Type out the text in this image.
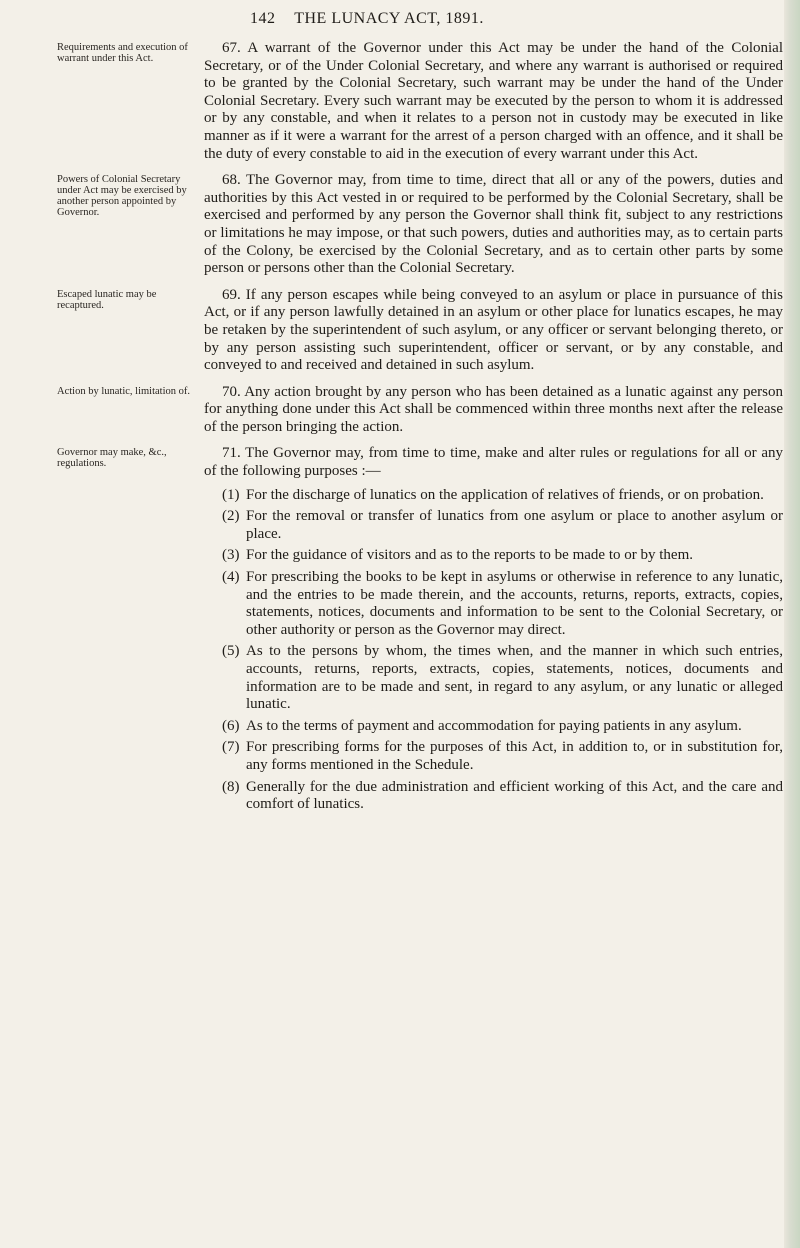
142 THE LUNACY ACT, 1891.
Requirements and execution of warrant under this Act.

67. A warrant of the Governor under this Act may be under the hand of the Colonial Secretary, or of the Under Colonial Secretary, and where any warrant is authorised or required to be granted by the Colonial Secretary, such warrant may be under the hand of the Under Colonial Secretary. Every such warrant may be executed by the person to whom it is addressed or by any constable, and when it relates to a person not in custody may be executed in like manner as if it were a warrant for the arrest of a person charged with an offence, and it shall be the duty of every constable to aid in the execution of every warrant under this Act.

Powers of Colonial Secretary under Act may be exercised by another person appointed by Governor.

68. The Governor may, from time to time, direct that all or any of the powers, duties and authorities by this Act vested in or required to be performed by the Colonial Secretary, shall be exercised and performed by any person the Governor shall think fit, subject to any restrictions or limitations he may impose, or that such powers, duties and authorities may, as to certain parts of the Colony, be exercised by the Colonial Secretary, and as to certain other parts by some person or persons other than the Colonial Secretary.

Escaped lunatic may be recaptured.

69. If any person escapes while being conveyed to an asylum or place in pursuance of this Act, or if any person lawfully detained in an asylum or other place for lunatics escapes, he may be retaken by the superintendent of such asylum, or any officer or servant belonging thereto, or by any person assisting such superintendent, officer or servant, or by any constable, and conveyed to and received and detained in such asylum.

Action by lunatic, limitation of.	70. Any action brought by any person who has been detained as a lunatic against any person for anything done under this Act shall be commenced within three months next after the release of the person bringing the action.

Governor may make, &c., regulations.

71. The Governor may, from time to time, make and alter rules or regulations for all or any of the following purposes :—

(1) For the discharge of lunatics on the application of relatives of friends, or on probation.
(2) For the removal or transfer of lunatics from one asylum or place to another asylum or place.
(3) For the guidance of visitors and as to the reports to be made to or by them.
(4) For prescribing the books to be kept in asylums or otherwise in reference to any lunatic, and the entries to be made therein, and the accounts, returns, reports, extracts, copies, statements, notices, documents and information to be sent to the Colonial Secretary, or other authority or person as the Governor may direct.
(5) As to the persons by whom, the times when, and the manner in which such entries, accounts, returns, reports, extracts, copies, statements, notices, documents and information are to be made and sent, in regard to any asylum, or any lunatic or alleged lunatic.
(6) As to the terms of payment and accommodation for paying patients in any asylum.
(7) For prescribing forms for the purposes of this Act, in addition to, or in substitution for, any forms mentioned in the Schedule.
(8) Generally for the due administration and efficient working of this Act, and the care and comfort of lunatics.
